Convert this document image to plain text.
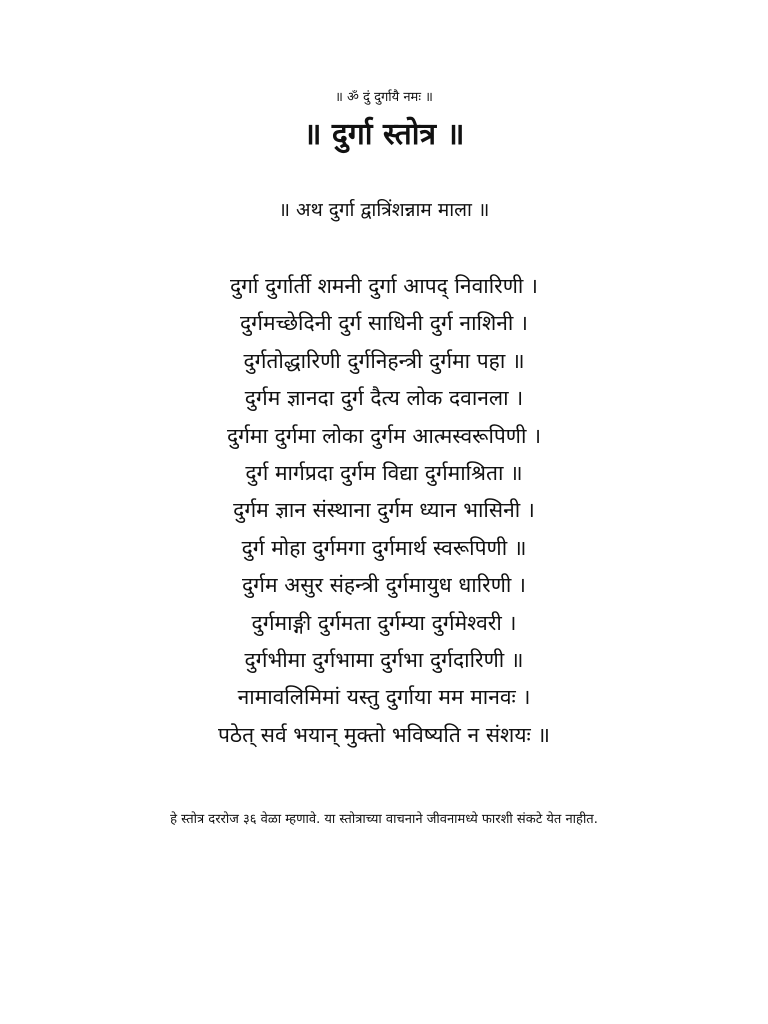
॥ ॐ दुं दुर्गायै नमः ॥
॥ दुर्गा स्तोत्र ॥
॥ अथ दुर्गा द्वात्रिंशन्नाम माला ॥
दुर्गा दुर्गार्ती शमनी दुर्गा आपद् निवारिणी ।
दुर्गमच्छेदिनी दुर्ग साधिनी दुर्ग नाशिनी ।
दुर्गतोद्धारिणी दुर्गनिहन्त्री दुर्गमा पहा ॥
दुर्गम ज्ञानदा दुर्ग दैत्य लोक दवानला ।
दुर्गमा दुर्गमा लोका दुर्गम आत्मस्वरूपिणी ।
दुर्ग मार्गप्रदा दुर्गम विद्या दुर्गमाश्रिता ॥
दुर्गम ज्ञान संस्थाना दुर्गम ध्यान भासिनी ।
दुर्ग मोहा दुर्गमगा दुर्गमार्थ स्वरूपिणी ॥
दुर्गम असुर संहन्त्री दुर्गमायुध धारिणी ।
दुर्गमाङ्गी दुर्गमता दुर्गम्या दुर्गमेश्वरी ।
दुर्गभीमा दुर्गभामा दुर्गभा दुर्गदारिणी ॥
नामावलिमिमां यस्तु दुर्गाया मम मानवः ।
पठेत् सर्व भयान् मुक्तो भविष्यति न संशयः ॥
हे स्तोत्र दररोज ३६ वेळा म्हणावे. या स्तोत्राच्या वाचनाने जीवनामध्ये फारशी संकटे येत नाहीत.
